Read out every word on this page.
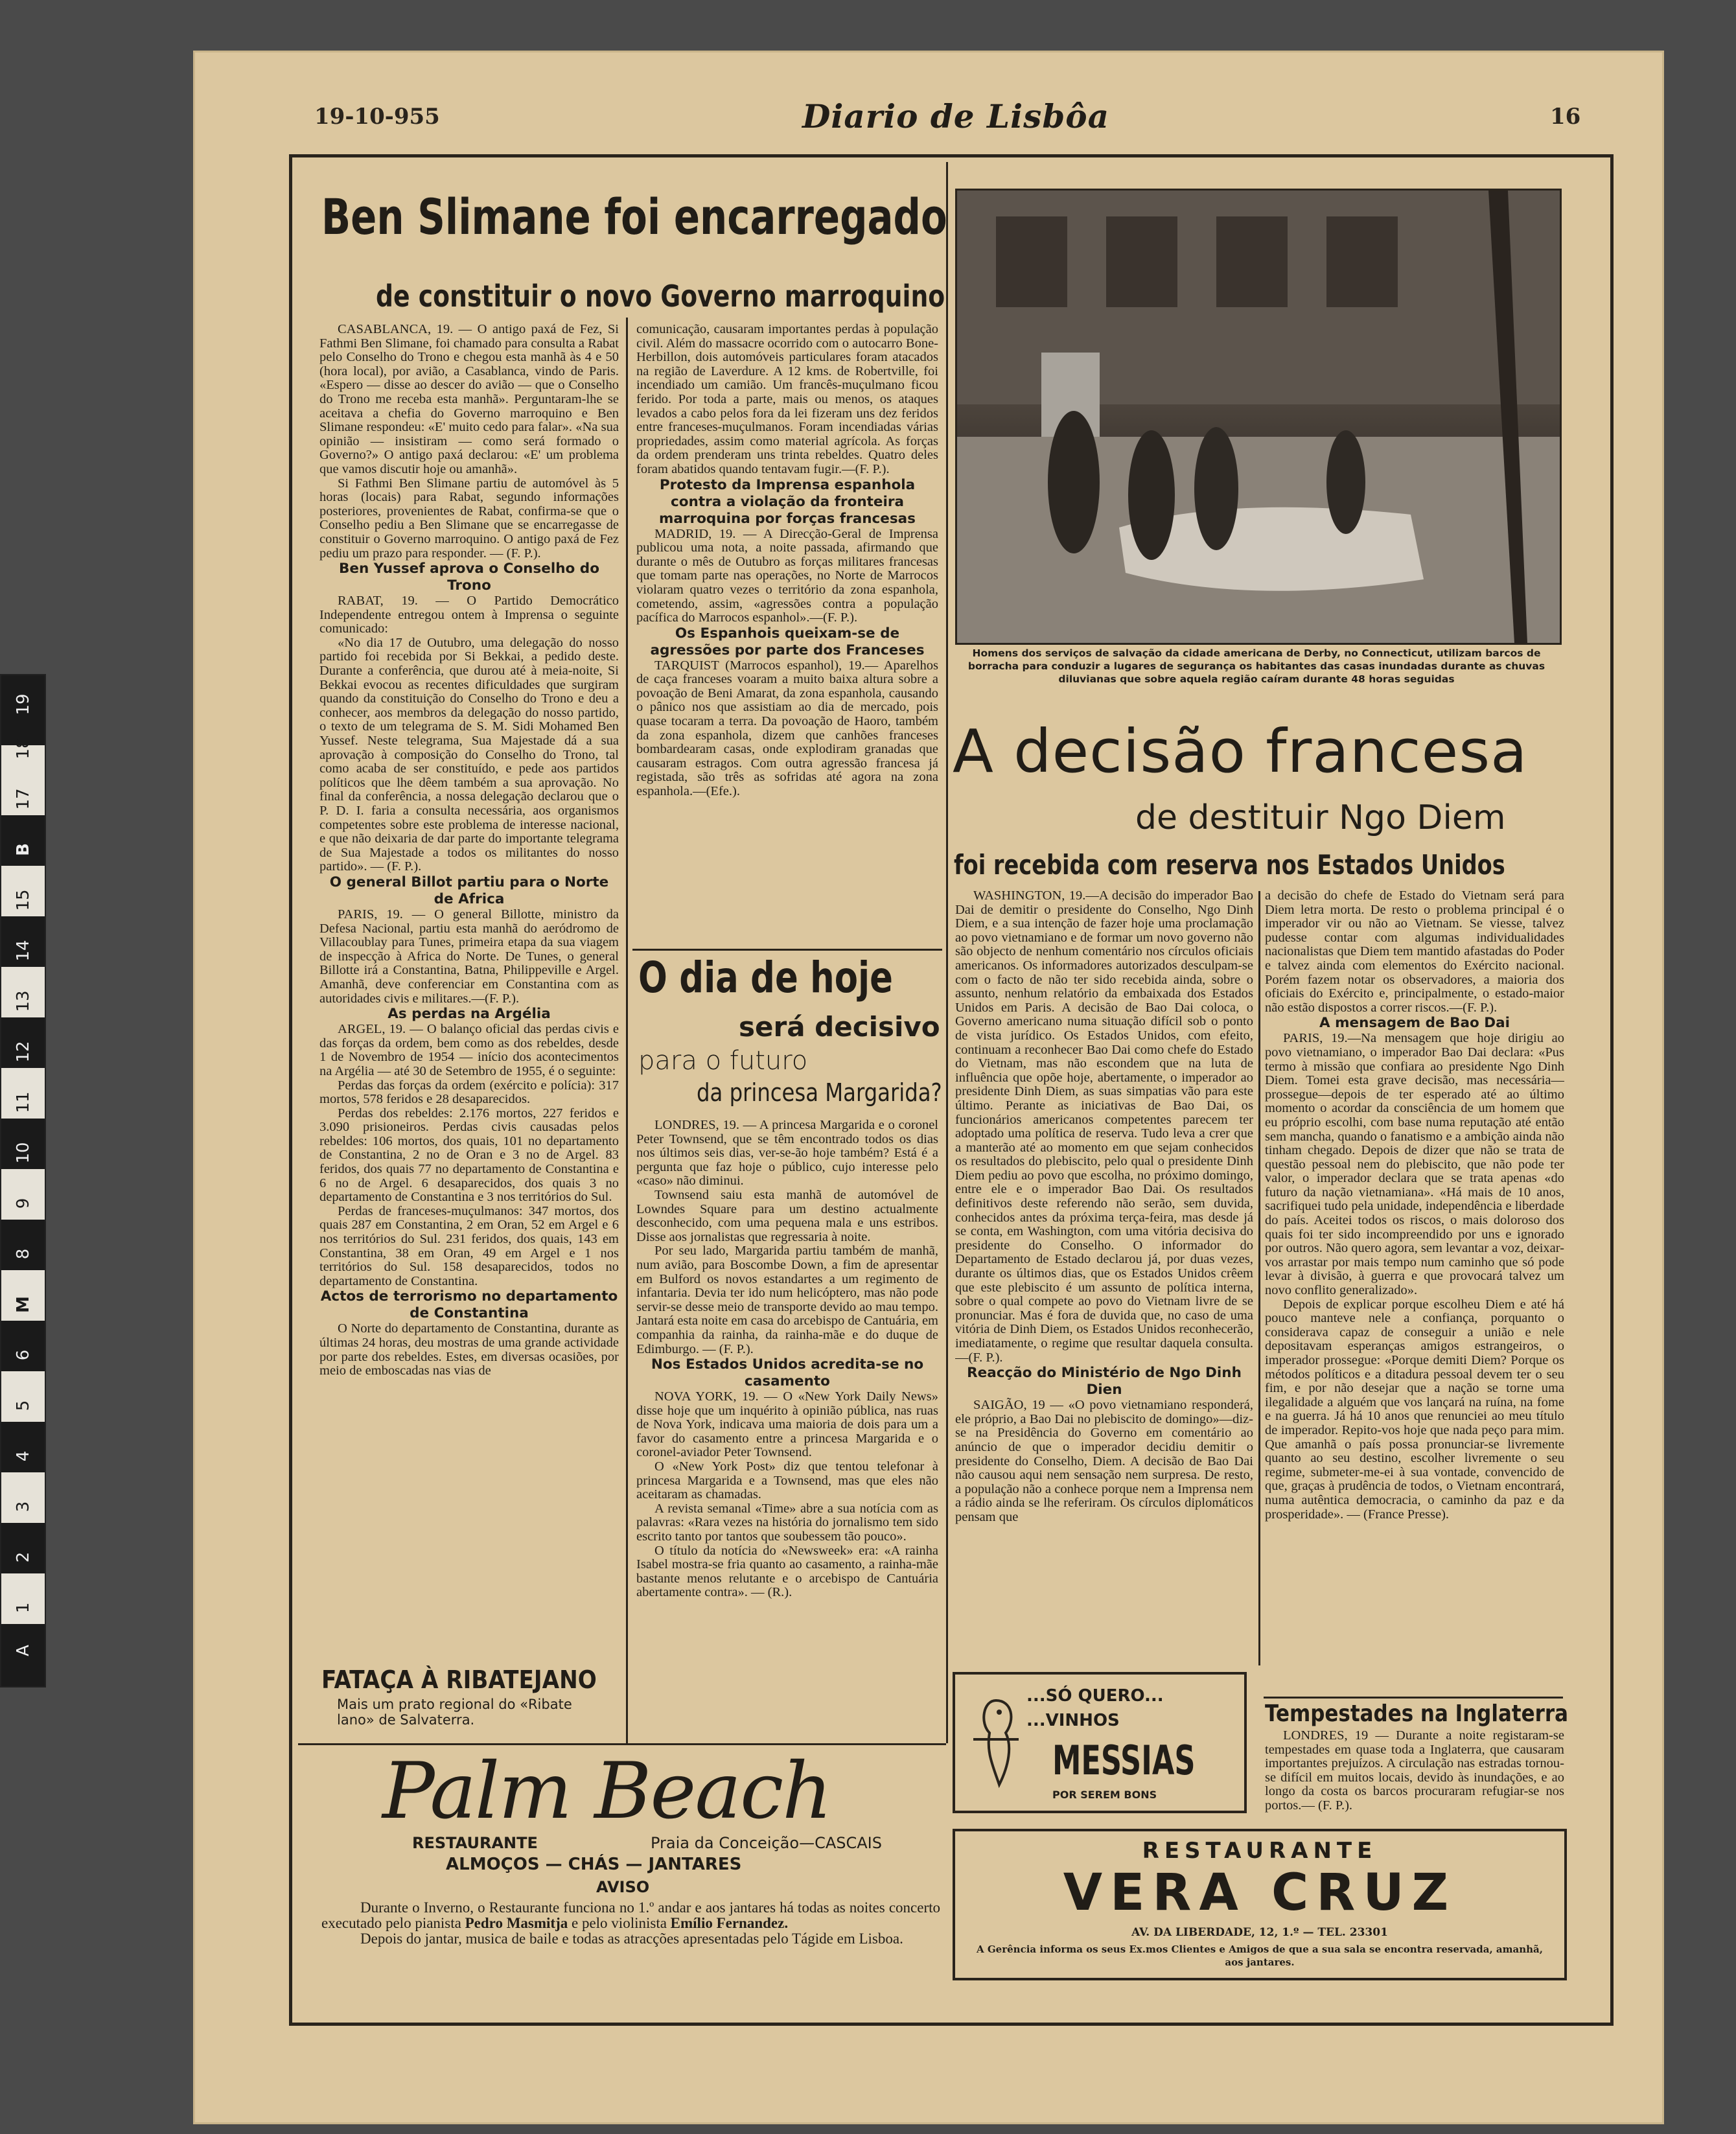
A
1
2
3
4
5
6
M
8
9
10
11
12
13
14
15
B
17
18
19
19-10-955	Diario de Lisbôa	16
Ben Slimane foi encarregado
de constituir o novo Governo marroquino

CASABLANCA, 19. — O antigo paxá de Fez, Si Fathmi Ben Slimane, foi chamado para consulta a Rabat pelo Conselho do Trono e chegou esta manhã às 4 e 50 (hora local), por avião, a Casablanca, vindo de Paris. «Espero — disse ao descer do avião — que o Conselho do Trono me receba esta manhã». Perguntaram-lhe se aceitava a chefia do Governo marroquino e Ben Slimane respondeu: «E' muito cedo para falar». «Na sua opinião — insistiram — como será formado o Governo?» O antigo paxá declarou: «E' um problema que vamos discutir hoje ou amanhã».

Si Fathmi Ben Slimane partiu de automóvel às 5 horas (locais) para Rabat, segundo informações posteriores, provenientes de Rabat, confirma-se que o Conselho pediu a Ben Slimane que se encarregasse de constituir o Governo marroquino. O antigo paxá de Fez pediu um prazo para responder. — (F. P.).

Ben Yussef aprova o Conselho do Trono

RABAT, 19. — O Partido Democrático Independente entregou ontem à Imprensa o seguinte comunicado:

«No dia 17 de Outubro, uma delegação do nosso partido foi recebida por Si Bekkai, a pedido deste. Durante a conferência, que durou até à meia-noite, Si Bekkai evocou as recentes dificuldades que surgiram quando da constituição do Conselho do Trono e deu a conhecer, aos membros da delegação do nosso partido, o texto de um telegrama de S. M. Sidi Mohamed Ben Yussef. Neste telegrama, Sua Majestade dá a sua aprovação à composição do Conselho do Trono, tal como acaba de ser constituído, e pede aos partidos políticos que lhe dêem também a sua aprovação. No final da conferência, a nossa delegação declarou que o P. D. I. faria a consulta necessária, aos organismos competentes sobre este problema de interesse nacional, e que não deixaria de dar parte do importante telegrama de Sua Majestade a todos os militantes do nosso partido». — (F. P.).

O general Billot partiu para o Norte de Africa

PARIS, 19. — O general Billotte, ministro da Defesa Nacional, partiu esta manhã do aeródromo de Villacoublay para Tunes, primeira etapa da sua viagem de inspecção à Africa do Norte. De Tunes, o general Billotte irá a Constantina, Batna, Philippeville e Argel. Amanhã, deve conferenciar em Constantina com as autoridades civis e militares.—(F. P.).

As perdas na Argélia

ARGEL, 19. — O balanço oficial das perdas civis e das forças da ordem, bem como as dos rebeldes, desde 1 de Novembro de 1954 — início dos acontecimentos na Argélia — até 30 de Setembro de 1955, é o seguinte:

Perdas das forças da ordem (exército e polícia): 317 mortos, 578 feridos e 28 desaparecidos.

Perdas dos rebeldes: 2.176 mortos, 227 feridos e 3.090 prisioneiros. Perdas civis causadas pelos rebeldes: 106 mortos, dos quais, 101 no departamento de Constantina, 2 no de Oran e 3 no de Argel. 83 feridos, dos quais 77 no departamento de Constantina e 6 no de Argel. 6 desaparecidos, dos quais 3 no departamento de Constantina e 3 nos territórios do Sul.

Perdas de franceses-muçulmanos: 347 mortos, dos quais 287 em Constantina, 2 em Oran, 52 em Argel e 6 nos territórios do Sul. 231 feridos, dos quais, 143 em Constantina, 38 em Oran, 49 em Argel e 1 nos territórios do Sul. 158 desaparecidos, todos no departamento de Constantina.

Actos de terrorismo no departamento de Constantina

O Norte do departamento de Constantina, durante as últimas 24 horas, deu mostras de uma grande actividade por parte dos rebeldes. Estes, em diversas ocasiões, por meio de emboscadas nas vias de

comunicação, causaram importantes perdas à população civil. Além do massacre ocorrido com o autocarro Bone-Herbillon, dois automóveis particulares foram atacados na região de Laverdure. A 12 kms. de Robertville, foi incendiado um camião. Um francês-muçulmano ficou ferido. Por toda a parte, mais ou menos, os ataques levados a cabo pelos fora da lei fizeram uns dez feridos entre franceses-muçulmanos. Foram incendiadas várias propriedades, assim como material agrícola. As forças da ordem prenderam uns trinta rebeldes. Quatro deles foram abatidos quando tentavam fugir.—(F. P.).

Protesto da Imprensa espanhola contra a violação da fronteira marroquina por forças francesas

MADRID, 19. — A Direcção-Geral de Imprensa publicou uma nota, a noite passada, afirmando que durante o mês de Outubro as forças militares francesas que tomam parte nas operações, no Norte de Marrocos violaram quatro vezes o território da zona espanhola, cometendo, assim, «agressões contra a população pacífica do Marrocos espanhol».—(F. P.).

Os Espanhois queixam-se de agressões por parte dos Franceses

TARQUIST (Marrocos espanhol), 19.— Aparelhos de caça franceses voaram a muito baixa altura sobre a povoação de Beni Amarat, da zona espanhola, causando o pânico nos que assistiam ao dia de mercado, pois quase tocaram a terra. Da povoação de Haoro, também da zona espanhola, dizem que canhões franceses bombardearam casas, onde explodiram granadas que causaram estragos. Com outra agressão francesa já registada, são três as sofridas até agora na zona espanhola.—(Efe.).

O dia de hoje
será decisivo
para o futuro
da princesa Margarida?

LONDRES, 19. — A princesa Margarida e o coronel Peter Townsend, que se têm encontrado todos os dias nos últimos seis dias, ver-se-ão hoje também? Está é a pergunta que faz hoje o público, cujo interesse pelo «caso» não diminui.

Townsend saiu esta manhã de automóvel de Lowndes Square para um destino actualmente desconhecido, com uma pequena mala e uns estribos. Disse aos jornalistas que regressaria à noite.

Por seu lado, Margarida partiu também de manhã, num avião, para Boscombe Down, a fim de apresentar em Bulford os novos estandartes a um regimento de infantaria. Devia ter ido num helicóptero, mas não pode servir-se desse meio de transporte devido ao mau tempo. Jantará esta noite em casa do arcebispo de Cantuária, em companhia da rainha, da rainha-mãe e do duque de Edimburgo. — (F. P.).

Nos Estados Unidos acredita-se no casamento

NOVA YORK, 19. — O «New York Daily News» disse hoje que um inquérito à opinião pública, nas ruas de Nova York, indicava uma maioria de dois para um a favor do casamento entre a princesa Margarida e o coronel-aviador Peter Townsend.

O «New York Post» diz que tentou telefonar à princesa Margarida e a Townsend, mas que eles não aceitaram as chamadas.

A revista semanal «Time» abre a sua notícia com as palavras: «Rara vezes na história do jornalismo tem sido escrito tanto por tantos que soubessem tão pouco».

O título da notícia do «Newsweek» era: «A rainha Isabel mostra-se fria quanto ao casamento, a rainha-mãe bastante menos relutante e o arcebispo de Cantuária abertamente contra». — (R.).

Homens dos serviços de salvação da cidade americana de Derby, no Connecticut, utilizam barcos de borracha para conduzir a lugares de segurança os habitantes das casas inundadas durante as chuvas diluvianas que sobre aquela região caíram durante 48 horas seguidas
A decisão francesa
de destituir Ngo Diem
foi recebida com reserva nos Estados Unidos

WASHINGTON, 19.—A decisão do imperador Bao Dai de demitir o presidente do Conselho, Ngo Dinh Diem, e a sua intenção de fazer hoje uma proclamação ao povo vietnamiano e de formar um novo governo não são objecto de nenhum comentário nos círculos oficiais americanos. Os informadores autorizados desculpam-se com o facto de não ter sido recebida ainda, sobre o assunto, nenhum relatório da embaixada dos Estados Unidos em Paris. A decisão de Bao Dai coloca, o Governo americano numa situação difícil sob o ponto de vista jurídico. Os Estados Unidos, com efeito, continuam a reconhecer Bao Dai como chefe do Estado do Vietnam, mas não escondem que na luta de influência que opõe hoje, abertamente, o imperador ao presidente Dinh Diem, as suas simpatias vão para este último. Perante as iniciativas de Bao Dai, os funcionários americanos competentes parecem ter adoptado uma política de reserva. Tudo leva a crer que a manterão até ao momento em que sejam conhecidos os resultados do plebiscito, pelo qual o presidente Dinh Diem pediu ao povo que escolha, no próximo domingo, entre ele e o imperador Bao Dai. Os resultados definitivos deste referendo não serão, sem duvida, conhecidos antes da próxima terça-feira, mas desde já se conta, em Washington, com uma vitória decisiva do presidente do Conselho. O informador do Departamento de Estado declarou já, por duas vezes, durante os últimos dias, que os Estados Unidos crêem que este plebiscito é um assunto de política interna, sobre o qual compete ao povo do Vietnam livre de se pronunciar. Mas é fora de duvida que, no caso de uma vitória de Dinh Diem, os Estados Unidos reconhecerão, imediatamente, o regime que resultar daquela consulta.—(F. P.).

Reacção do Ministério de Ngo Dinh Dien

SAIGÃO, 19 — «O povo vietnamiano responderá, ele próprio, a Bao Dai no plebiscito de domingo»—diz-se na Presidência do Governo em comentário ao anúncio de que o imperador decidiu demitir o presidente do Conselho, Diem. A decisão de Bao Dai não causou aqui nem sensação nem surpresa. De resto, a população não a conhece porque nem a Imprensa nem a rádio ainda se lhe referiram. Os círculos diplomáticos pensam que

a decisão do chefe de Estado do Vietnam será para Diem letra morta. De resto o problema principal é o imperador vir ou não ao Vietnam. Se viesse, talvez pudesse contar com algumas individualidades nacionalistas que Diem tem mantido afastadas do Poder e talvez ainda com elementos do Exército nacional. Porém fazem notar os observadores, a maioria dos oficiais do Exército e, principalmente, o estado-maior não estão dispostos a correr riscos.—(F. P.).

A mensagem de Bao Dai

PARIS, 19.—Na mensagem que hoje dirigiu ao povo vietnamiano, o imperador Bao Dai declara: «Pus termo à missão que confiara ao presidente Ngo Dinh Diem. Tomei esta grave decisão, mas necessária—prossegue—depois de ter esperado até ao último momento o acordar da consciência de um homem que eu próprio escolhi, com base numa reputação até então sem mancha, quando o fanatismo e a ambição ainda não tinham chegado. Depois de dizer que não se trata de questão pessoal nem do plebiscito, que não pode ter valor, o imperador declara que se trata apenas «do futuro da nação vietnamiana». «Há mais de 10 anos, sacrifiquei tudo pela unidade, independência e liberdade do país. Aceitei todos os riscos, o mais doloroso dos quais foi ter sido incompreendido por uns e ignorado por outros. Não quero agora, sem levantar a voz, deixar-vos arrastar por mais tempo num caminho que só pode levar à divisão, à guerra e que provocará talvez um novo conflito generalizado».

Depois de explicar porque escolheu Diem e até há pouco manteve nele a confiança, porquanto o considerava capaz de conseguir a união e nele depositavam esperanças amigos estrangeiros, o imperador prossegue: «Porque demiti Diem? Porque os métodos políticos e a ditadura pessoal devem ter o seu fim, e por não desejar que a nação se torne uma ilegalidade a alguém que vos lançará na ruína, na fome e na guerra. Já há 10 anos que renunciei ao meu título de imperador. Repito-vos hoje que nada peço para mim. Que amanhã o país possa pronunciar-se livremente quanto ao seu destino, escolher livremente o seu regime, submeter-me-ei à sua vontade, convencido de que, graças à prudência de todos, o Vietnam encontrará, numa autêntica democracia, o caminho da paz e da prosperidade». — (France Presse).

Tempestades na Inglaterra

LONDRES, 19 — Durante a noite registaram-se tempestades em quase toda a Inglaterra, que causaram importantes prejuízos. A circulação nas estradas tornou-se difícil em muitos locais, devido às inundações, e ao longo da costa os barcos procuraram refugiar-se nos portos.— (F. P.).

FATAÇA À RIBATEJANO
Mais um prato regional do «Ribate
lano» de Salvaterra.
...SÓ QUERO...
...VINHOS
MESSIAS
POR SEREM BONS
Palm Beach
RESTAURANTE	Praia da Conceição—CASCAIS
ALMOÇOS — CHÁS — JANTARES
AVISO
Durante o Inverno, o Restaurante funciona no 1.º andar e aos jantares há todas as noites concerto executado pelo pianista Pedro Masmitja e pelo violinista Emílio Fernandez.
Depois do jantar, musica de baile e todas as atracções apresentadas pelo Tágide em Lisboa.
RESTAURANTE
VERA CRUZ
AV. DA LIBERDADE, 12, 1.º — TEL. 23301
A Gerência informa os seus Ex.mos Clientes e Amigos de que a sua sala se encontra reservada, amanhã, aos jantares.
